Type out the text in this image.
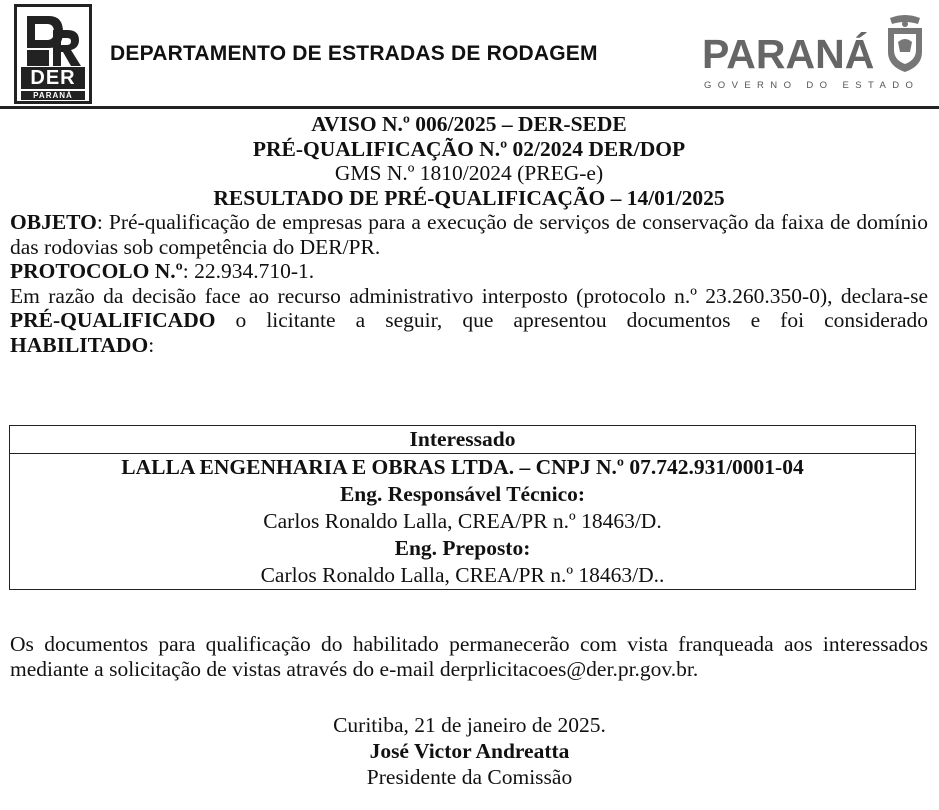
DER
PARANÁ
DEPARTAMENTO DE ESTRADAS DE RODAGEM	PARANÁ
GOVERNO DO ESTADO
AVISO N.º 006/2025 – DER-SEDE
PRÉ-QUALIFICAÇÃO N.º 02/2024 DER/DOP
GMS N.º 1810/2024 (PREG-e)
RESULTADO DE PRÉ-QUALIFICAÇÃO – 14/01/2025
OBJETO: Pré-qualificação de empresas para a execução de serviços de conservação da faixa de domínio das rodovias sob competência do DER/PR.
PROTOCOLO N.º: 22.934.710-1.
Em razão da decisão face ao recurso administrativo interposto (protocolo n.º 23.260.350-0), declara-se PRÉ-QUALIFICADO o licitante a seguir, que apresentou documentos e foi considerado HABILITADO:
Interessado
LALLA ENGENHARIA E OBRAS LTDA. – CNPJ N.º 07.742.931/0001-04
Eng. Responsável Técnico:
Carlos Ronaldo Lalla, CREA/PR n.º 18463/D.
Eng. Preposto:
Carlos Ronaldo Lalla, CREA/PR n.º 18463/D..
Os documentos para qualificação do habilitado permanecerão com vista franqueada aos interessados mediante a solicitação de vistas através do e-mail derprlicitacoes@der.pr.gov.br.
Curitiba, 21 de janeiro de 2025.
José Victor Andreatta
Presidente da Comissão
